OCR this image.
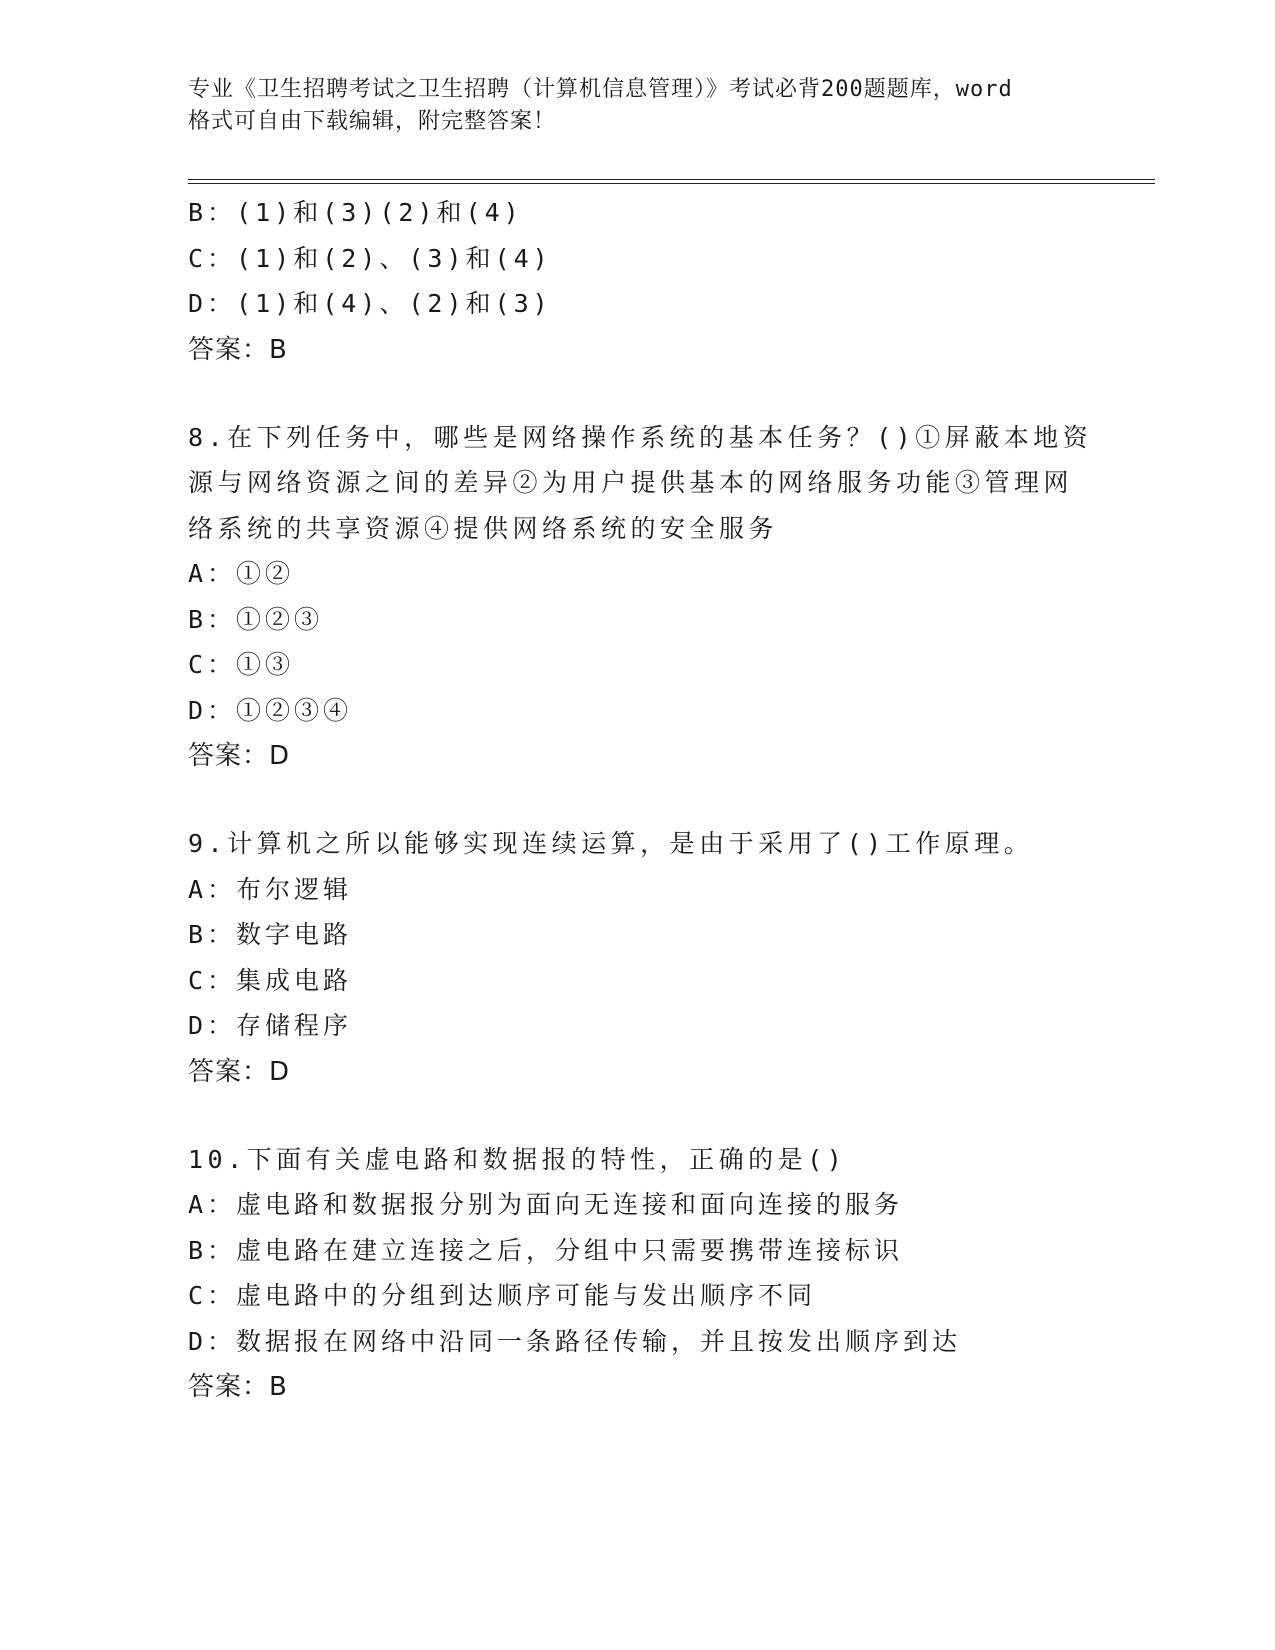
专业《卫生招聘考试之卫生招聘（计算机信息管理）》考试必背200题题库，word
格式可自由下载编辑，附完整答案！
B：(1)和(3)(2)和(4)
C：(1)和(2)、(3)和(4)
D：(1)和(4)、(2)和(3)
答案：B
8.在下列任务中，哪些是网络操作系统的基本任务？()①屏蔽本地资
源与网络资源之间的差异②为用户提供基本的网络服务功能③管理网
络系统的共享资源④提供网络系统的安全服务
A：①②
B：①②③
C：①③
D：①②③④
答案：D
9.计算机之所以能够实现连续运算，是由于采用了()工作原理。
A：布尔逻辑
B：数字电路
C：集成电路
D：存储程序
答案：D
10.下面有关虚电路和数据报的特性，正确的是()
A：虚电路和数据报分别为面向无连接和面向连接的服务
B：虚电路在建立连接之后，分组中只需要携带连接标识
C：虚电路中的分组到达顺序可能与发出顺序不同
D：数据报在网络中沿同一条路径传输，并且按发出顺序到达
答案：B
